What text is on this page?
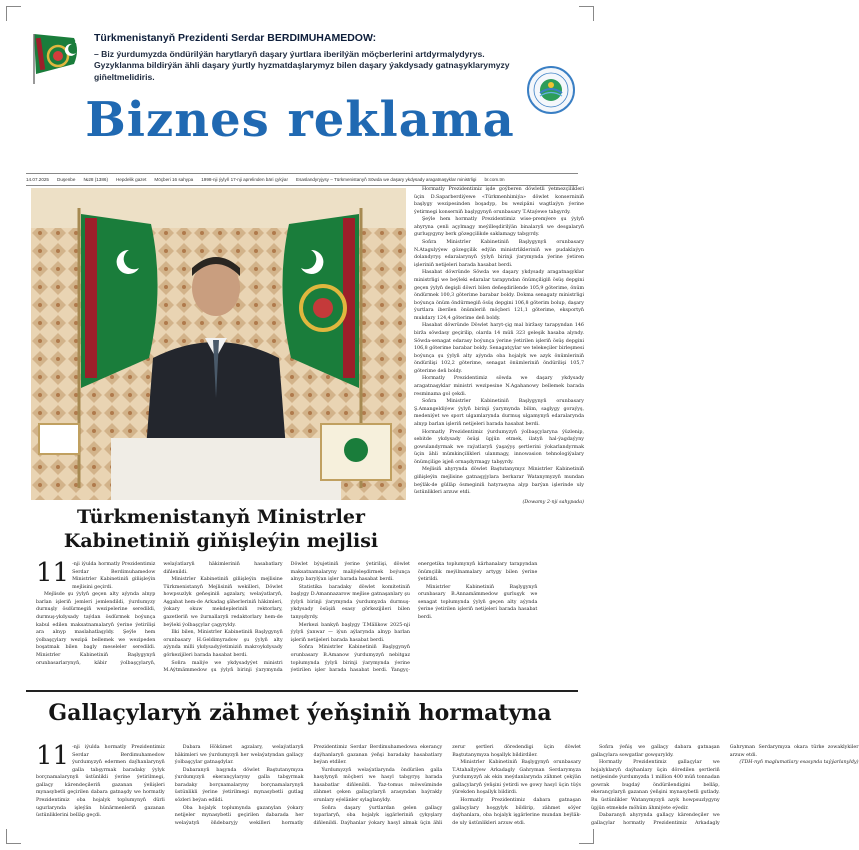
Türkmenistanyň Prezidenti Serdar BERDIMUHAMEDOW:
– Biz ýurdumyzda öndürilýän harytlaryň daşary ýurtlara iberilýän möçberlerini artdyrmalydyrys. Gyzyklanma bildirýän ähli daşary ýurtly hyzmatdaşlarymyz bilen daşary ýakdysady gatnaşyklarymyzy giňeltmelidiris.
Biznes reklama
14.07.2025 Duşenbe №28 (1386) Hepdelik gazet Möçberi 16 sahypa 1998-nji ýylyň 17-nji aprelinden bäri çykýar Esaslandyryjysy – Türkmenistanyň Söwda we daşary ykdysady aragatnaşyklar ministrligi br.com.tm

Hormatly Prezidentimiz işde goýberen döwletli ýetmezçilikleri üçin D.Saparberdiýewe «Türkmenhimiýa» döwlet konserniniň başlygy wezipesinden boşadyp, bu wezipäni wagtlaýyn ýerine ýetirmegi konserniň başlygynyň orunbasary T.Ataýewe tabşyrdy.

Şeýle hem hormatly Prezidentimiz wise-premýere şu ýylyň ahyryna çenli açylmagy meýilleşdirilýän binalaryň we desgalaryň gurluşygyny berk gözegçilikde saklamagy tabşyrdy.

Soňra Ministrler Kabinetiniň Başlygynyň orunbasary N.Atagulyýew gözegçilik edýän ministrlikleriniň we pudaklaýyn dolandyryş edaralarynyň ýylyň birinji ýarymynda ýerine ýetiren işleriniň netijeleri barada hasabat berdi.

Hasabat döwründe Söwda we daşary ykdysady aragatnaşyklar ministrligi we beýleki edaralar tarapyndan önümçiligiň ösüş depgini geçen ýylyň degişli döwri bilen deňeşdirilende 105,9 göterime, önüm öndürmek 100,3 göterime barabar boldy. Dokma senagaty ministrligi boýunça önüm öndürmegiň ösüş depgini 106,8 göterim bolup, daşary ýurtlara iberilen önümleriň möçberi 121,1 göterime, eksportyň mukdary 124,4 göterime deň boldy.

Hasabat döwründe Döwlet haryt-çig mal biržasy tarapyndan 146 birža söwdasy geçirilip, olarda 14 müň 323 geleşik hasaba alyndy. Söwda-senagat edarasy boýunça ýerine ýetirilen işleriň ösüş depgini 106,8 göterime barabar boldy. Senagatçylar we telekeçiler birleşmesi boýunça şu ýylyň alty aýynda oba hojalyk we azyk önümleriniň öndürilişi 102,2 göterime, senagat önümleriniň öndürilişi 105,7 göterime deň boldy.

Hormatly Prezidentimiz söwda we daşary ykdysady aragatnaşyklar ministri wezipesine N.Agahanowy bellemek barada resminama gol çekdi.

Soňra Ministrler Kabinetiniň Başlygynyň orunbasary Ş.Amangeldiýew ýylyň birinji ýarymynda bilim, saglygy goraýyş, medeniýet we sport ulgamlarynda durmuş ulgamynyň edaralarynda alnyp barlan işleriň netijeleri barada hasabat berdi.

Hormatly Prezidentimiz ýurdumyzyň ýolbaşçylaryna ýüzlenip, sebitde ykdysady ösüşi üpjün etmek, ilatyň hal-ýagdaýyny gowulandyrmak we raýatlaryň ýaşaýyş şertlerini ýokarlandyrmak üçin ähli mümkinçilikleri ulanmagy, innowasion tehnologiýalary önümçilige işjeň ornaşdyrmagy tabşyrdy.

Mejlisiň ahyrynda döwlet Baştutanymyz Ministrler Kabinetiniň giňişleýin mejlisine gatnaşyjylara berkarar Watanymyzyň mundan beýläk-de gülläp ösmeginiň hatyrasyna alyp barýan işlerinde uly üstünlikleri arzuw etdi.

(Dowamy 2-nji sahypada)

Türkmenistanyň Ministrler
Kabinetiniň giňişleýin mejlisi

11 -nji iýulda hormatly Prezidentimiz Serdar Berdimuhamedow Ministrler Kabinetiniň giňişleýin mejlisini geçirdi.

Mejlisde şu ýylyň geçen alty aýynda alnyp barlan işleriň jemleri jemlendildi, ýurdumyzy durnuşly ösdürmegiň wezipelerine seredildi, durmuş-ykdysady taýdan ösdürmek boýunça kabul edilen maksatnamalaryň ýerine ýetirilişi ara alnyp maslahatlaşyldy. Şeýle hem ýolbaşçylary wezipä bellemek we wezipeden boşatmak bilen bagly meseleler seredildi. Ministrler Kabinetiniň Başlygynyň orunbasarlarynyň, käbir ýolbaşçylaryň, welaýatlaryň häkimleriniň hasabatlary diňlenildi.

Ministrler Kabinetiniň giňişleýin mejlisine Türkmenistanyň Mejlisiniň wekilleri, Döwlet howpsuzlyk geňeşiniň agzalary, welaýatlaryň, Aşgabat hem-de Arkadag şäherleriniň häkimleri, ýokary okuw mekdepleriniň rektorlary, gazetleriň we žurnallaryň redaktorlary hem-de beýleki ýolbaşçylar çagyryldy.

Ilki bilen, Ministrler Kabinetiniň Başlygynyň orunbasary H.Geldimyradow şu ýylyň alty aýynda milli ykdysadyýetimiziň makroykdysady görkezijileri barada hasabat berdi.

Soňra maliýe we ykdysadyýet ministri M.Aýtmämmedow şu ýylyň birinji ýarymynda Döwlet býujetiniň ýerine ýetirilişi, döwlet maksatnamalaryny maliýeleşdirmek boýunça alnyp barylýan işler barada hasabat berdi.

Statistika baradaky döwlet komitetiniň başlygy D.Amannazarow mejlise gatnaşanlary şu ýylyň birinji ýarymynda ýurdumyzda durmuş-ykdysady ösüşiň esasy görkezijileri bilen tanyşdyrdy.

Merkezi bankyň başlygy T.Mälikow 2025-nji ýylyň ýanwar — iýun aýlarynda alnyp barlan işleriň netijeleri barada hasabat berdi.

Soňra Ministrler Kabinetiniň Başlygynyň orunbasary B.Amanow ýurdumyzyň nebitgaz toplumynda ýylyň birinji ýarymynda ýerine ýetirilen işler barada hasabat berdi. Ýangyç-energetika toplumynyň kärhanalary tarapyndan önümçilik meýilnamalary artygy bilen ýerine ýetirildi.

Ministrler Kabinetiniň Başlygynyň orunbasary B.Annamämmedow gurluşyk we senagat toplumynda ýylyň geçen alty aýynda ýerine ýetirilen işleriň netijeleri barada hasabat berdi.

Gallaçylaryň zähmet ýeňşiniň hormatyna

11 -nji iýulda hormatly Prezidentimiz Serdar Berdimuhamedow ýurdumyzyň edermen daýhanlarynyň galla tabşyrmak baradaky ýylyk borçnamalarynyň üstünlikli ýerine ýetirilmegi, gallaçy kärendeçileriň gazanan ýeňişleri mynasybetli geçirilen dabara gatnaşdy we hormatly Prezidentimiz oba hojalyk toplumynyň dürli ugurlarynda işleýän hünärmenleriň gazanan üstünliklerini belläp geçdi.

Dabara Hökümet agzalary, welaýatlaryň häkimleri we ýurdumyzyň her welaýatyndan gallaçy ýolbaşçylar gatnaşdylar.

Dabaranyň başynda döwlet Baştutanymyza ýurdumyzyň ekerançylaryny galla tabşyrmak baradaky borçnamalaryny borçnamalarynyň üstünlikli ýerine ýetirilmegi mynasybetli gutlag sözleri beýan edildi.

Oba hojalyk toplumynda gazanylan ýokary netijeler mynasybetli geçirilen dabarada her welaýatyň öňdebaryjy wekilleri hormatly Prezidentimiz Serdar Berdimuhamedowa ekerançy daýhanlaryň gazanan ýeňşi baradaky hasabatlary beýan etdiler.

Ýurdumyzyň welaýatlarynda öndürilen galla hasylynyň möçberi we hasyl tabşyryş barada hasabatlar diňlenildi. Ýaz-tomus möwsüminde zähmet çeken gallaçylaryň arasyndan baýrakly orunlary eýelänler sylaglanyldy.

Soňra daşary ýurtlardan gelen gallaçy toparlaryň, oba hojalyk işgärleriniň çykyşlary diňlenildi. Daýhanlar ýokary hasyl almak üçin ähli zerur şertleri döredendigi üçin döwlet Baştutanymyza hoşallyk bildirdiler.

Ministrler Kabinetiniň Başlygynyň orunbasary T.Atahallyýew Arkadagly Gahryman Serdarymyza ýurdumyzyň ak ekin meýdanlarynda zähmet çekýän gallaçylaryň ýeňşini ýetirdi we gowy hasyl üçin tüýs ýürekden hoşallyk bildirdi.

Hormatly Prezidentimiz dabara gatnaşan gallaçylary hoşgylyk bildirip, zähmet söýer daýhanlara, oba hojalyk işgärlerine mundan beýläk-de uly üstünlikleri arzuw etdi.

Soňra ýeňiş we gallaçy dabara gatnaşan gallaçylara sowgatlar gowşuryldy.

Hormatly Prezidentimiz gallaçylar we hojalyklaryň daýhanlary üçin döredilen şertleriň netijesinde ýurdumyzda 1 million 400 müň tonnadan gowrak bugdaý öndürilendigini belläp, ekerançylaryň gazanan ýeňşini mynasybetli gutlady. Bu üstünlikler Watanymyzyň azyk howpsuzlygyny üpjün etmekde möhüm ähmiýete eýedir.

Dabaranyň ahyrynda gallaçy kärendeçiler we gallaçylar hormatly Prezidentimiz Arkadagly Gahryman Serdarymyza okara türke zowaklykiler arzuw etdi.

(TDH-nyň maglumatlary esasynda taýýarlanyldy)
